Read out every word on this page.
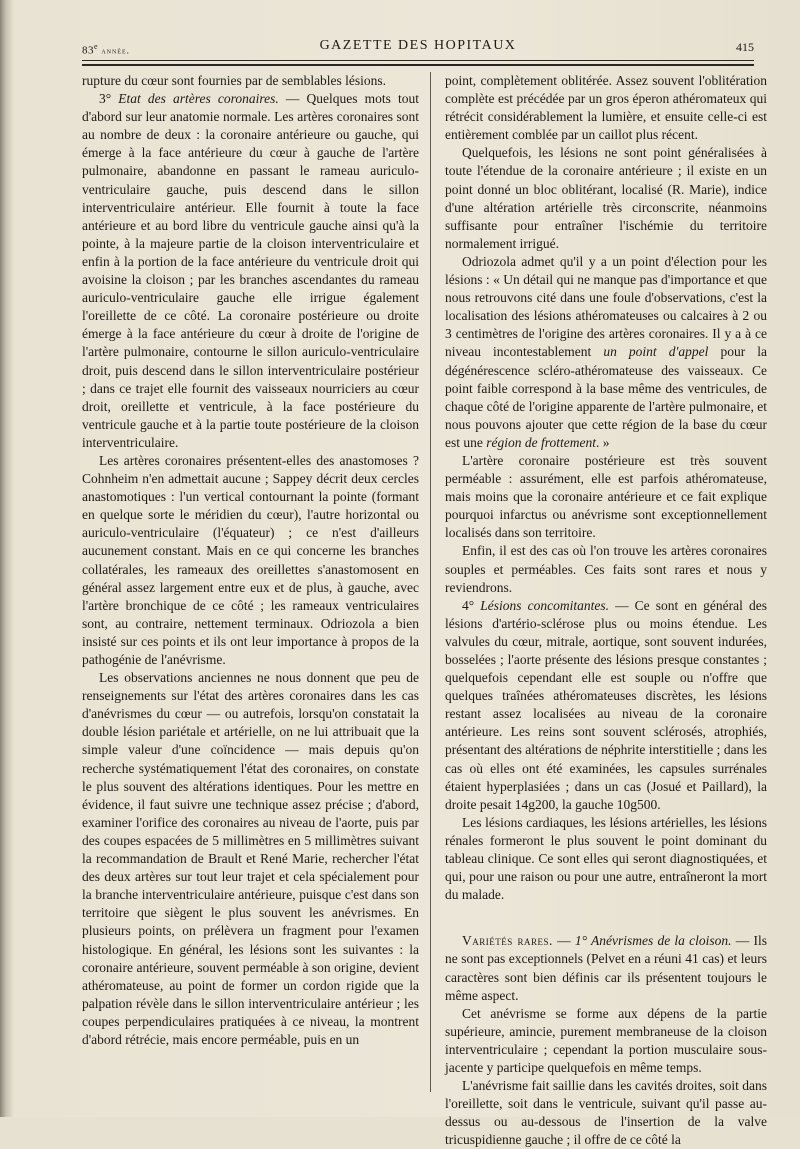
83e année.	GAZETTE DES HOPITAUX	415

rupture du cœur sont fournies par de semblables lésions.

3° Etat des artères coronaires. — Quelques mots tout d'abord sur leur anatomie normale. Les artères coronaires sont au nombre de deux : la coronaire antérieure ou gauche, qui émerge à la face antérieure du cœur à gauche de l'artère pulmonaire, abandonne en passant le rameau auriculo-ventriculaire gauche, puis descend dans le sillon interventriculaire antérieur. Elle fournit à toute la face antérieure et au bord libre du ventricule gauche ainsi qu'à la pointe, à la majeure partie de la cloison interventriculaire et enfin à la portion de la face antérieure du ventricule droit qui avoisine la cloison ; par les branches ascendantes du rameau auriculo-ventriculaire gauche elle irrigue également l'oreillette de ce côté. La coronaire postérieure ou droite émerge à la face antérieure du cœur à droite de l'origine de l'artère pulmonaire, contourne le sillon auriculo-ventriculaire droit, puis descend dans le sillon interventriculaire postérieur ; dans ce trajet elle fournit des vaisseaux nourriciers au cœur droit, oreillette et ventricule, à la face postérieure du ventricule gauche et à la partie toute postérieure de la cloison interventriculaire.

Les artères coronaires présentent-elles des anastomoses ? Cohnheim n'en admettait aucune ; Sappey décrit deux cercles anastomotiques : l'un vertical contournant la pointe (formant en quelque sorte le méridien du cœur), l'autre horizontal ou auriculo-ventriculaire (l'équateur) ; ce n'est d'ailleurs aucunement constant. Mais en ce qui concerne les branches collatérales, les rameaux des oreillettes s'anastomosent en général assez largement entre eux et de plus, à gauche, avec l'artère bronchique de ce côté ; les rameaux ventriculaires sont, au contraire, nettement terminaux. Odriozola a bien insisté sur ces points et ils ont leur importance à propos de la pathogénie de l'anévrisme.

Les observations anciennes ne nous donnent que peu de renseignements sur l'état des artères coronaires dans les cas d'anévrismes du cœur — ou autrefois, lorsqu'on constatait la double lésion pariétale et artérielle, on ne lui attribuait que la simple valeur d'une coïncidence — mais depuis qu'on recherche systématiquement l'état des coronaires, on constate le plus souvent des altérations identiques. Pour les mettre en évidence, il faut suivre une technique assez précise ; d'abord, examiner l'orifice des coronaires au niveau de l'aorte, puis par des coupes espacées de 5 millimètres en 5 millimètres suivant la recommandation de Brault et René Marie, rechercher l'état des deux artères sur tout leur trajet et cela spécialement pour la branche interventriculaire antérieure, puisque c'est dans son territoire que siègent le plus souvent les anévrismes. En plusieurs points, on prélèvera un fragment pour l'examen histologique. En général, les lésions sont les suivantes : la coronaire antérieure, souvent perméable à son origine, devient athéromateuse, au point de former un cordon rigide que la palpation révèle dans le sillon interventriculaire antérieur ; les coupes perpendiculaires pratiquées à ce niveau, la montrent d'abord rétrécie, mais encore perméable, puis en un

point, complètement oblitérée. Assez souvent l'oblitération complète est précédée par un gros éperon athéromateux qui rétrécit considérablement la lumière, et ensuite celle-ci est entièrement comblée par un caillot plus récent.

Quelquefois, les lésions ne sont point généralisées à toute l'étendue de la coronaire antérieure ; il existe en un point donné un bloc oblitérant, localisé (R. Marie), indice d'une altération artérielle très circonscrite, néanmoins suffisante pour entraîner l'ischémie du territoire normalement irrigué.

Odriozola admet qu'il y a un point d'élection pour les lésions : « Un détail qui ne manque pas d'importance et que nous retrouvons cité dans une foule d'observations, c'est la localisation des lésions athéromateuses ou calcaires à 2 ou 3 centimètres de l'origine des artères coronaires. Il y a à ce niveau incontestablement un point d'appel pour la dégénérescence scléro-athéromateuse des vaisseaux. Ce point faible correspond à la base même des ventricules, de chaque côté de l'origine apparente de l'artère pulmonaire, et nous pouvons ajouter que cette région de la base du cœur est une région de frottement. »

L'artère coronaire postérieure est très souvent perméable : assurément, elle est parfois athéromateuse, mais moins que la coronaire antérieure et ce fait explique pourquoi infarctus ou anévrisme sont exceptionnellement localisés dans son territoire.

Enfin, il est des cas où l'on trouve les artères coronaires souples et perméables. Ces faits sont rares et nous y reviendrons.

4° Lésions concomitantes. — Ce sont en général des lésions d'artério-sclérose plus ou moins étendue. Les valvules du cœur, mitrale, aortique, sont souvent indurées, bosselées ; l'aorte présente des lésions presque constantes ; quelquefois cependant elle est souple ou n'offre que quelques traînées athéromateuses discrètes, les lésions restant assez localisées au niveau de la coronaire antérieure. Les reins sont souvent sclérosés, atrophiés, présentant des altérations de néphrite interstitielle ; dans les cas où elles ont été examinées, les capsules surrénales étaient hyperplasiées ; dans un cas (Josué et Paillard), la droite pesait 14g200, la gauche 10g500.

Les lésions cardiaques, les lésions artérielles, les lésions rénales formeront le plus souvent le point dominant du tableau clinique. Ce sont elles qui seront diagnostiquées, et qui, pour une raison ou pour une autre, entraîneront la mort du malade.

Variétés rares. — 1° Anévrismes de la cloison. — Ils ne sont pas exceptionnels (Pelvet en a réuni 41 cas) et leurs caractères sont bien définis car ils présentent toujours le même aspect.

Cet anévrisme se forme aux dépens de la partie supérieure, amincie, purement membraneuse de la cloison interventriculaire ; cependant la portion musculaire sous-jacente y participe quelquefois en même temps.

L'anévrisme fait saillie dans les cavités droites, soit dans l'oreillette, soit dans le ventricule, suivant qu'il passe au-dessus ou au-dessous de l'insertion de la valve tricuspidienne gauche ; il offre de ce côté la
